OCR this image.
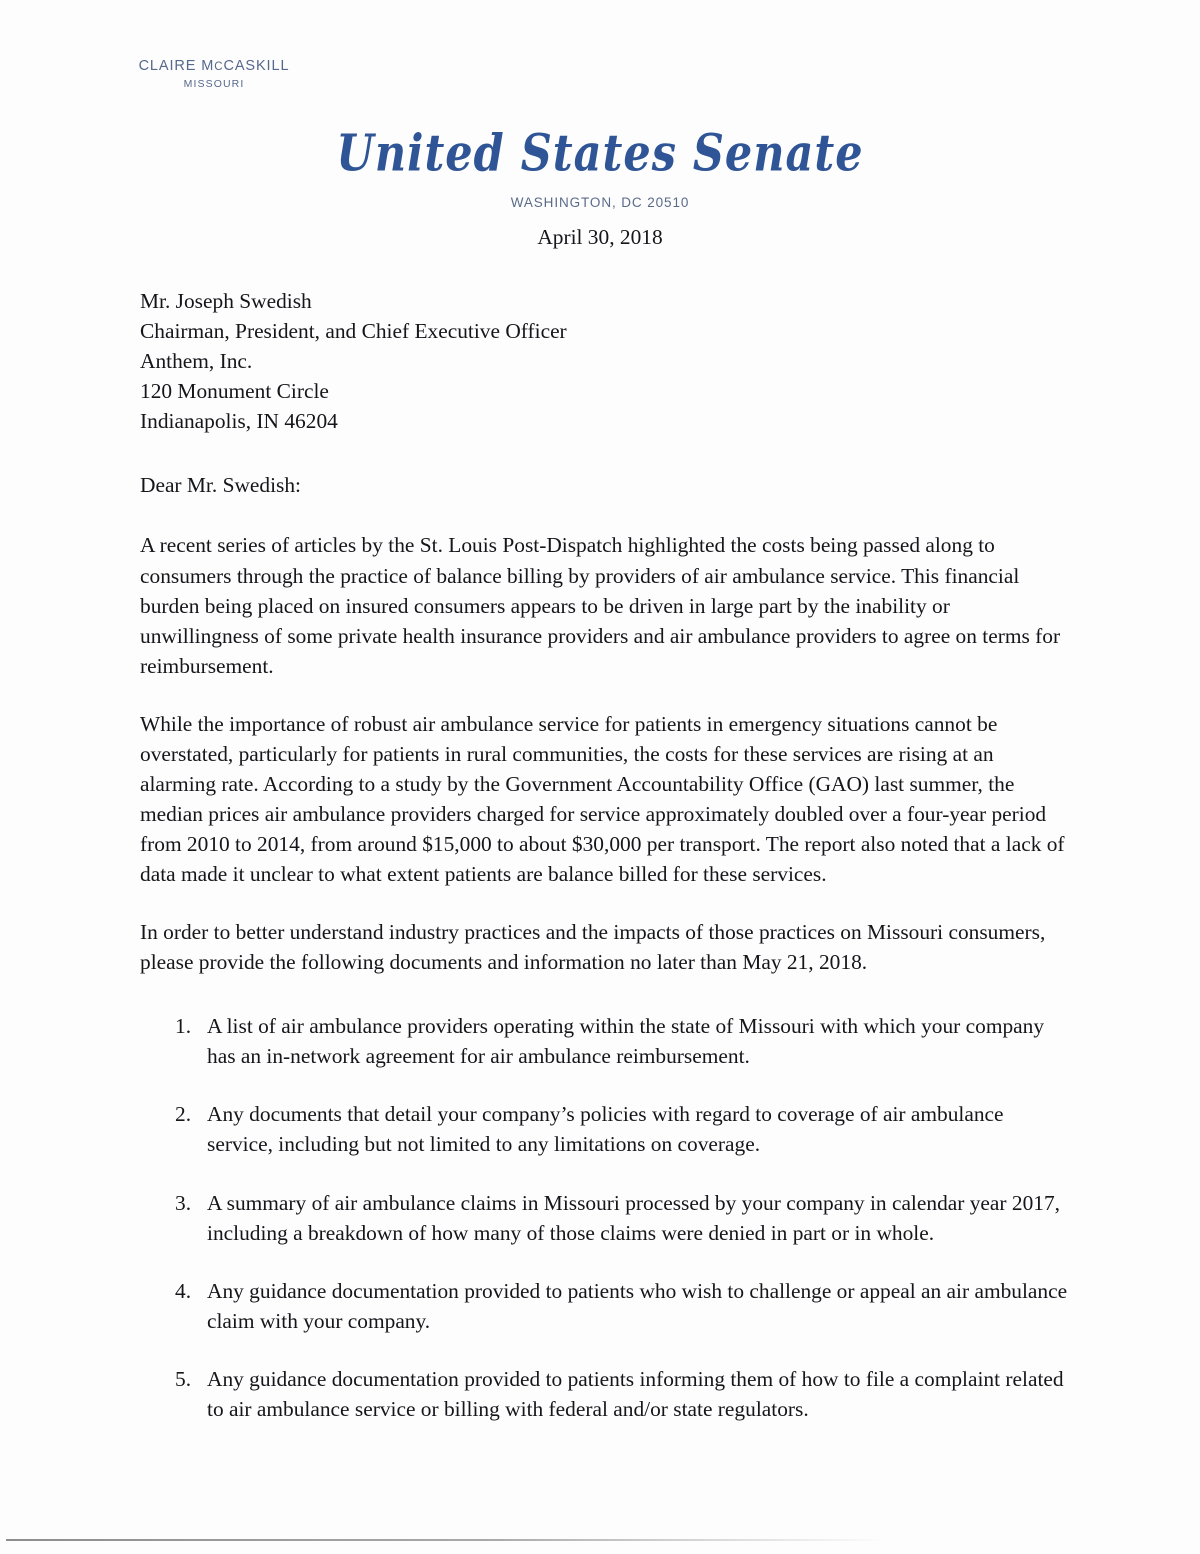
CLAIRE MCCASKILL
MISSOURI
United States Senate
WASHINGTON, DC 20510
April 30, 2018
Mr. Joseph Swedish
Chairman, President, and Chief Executive Officer
Anthem, Inc.
120 Monument Circle
Indianapolis, IN 46204
Dear Mr. Swedish:

A recent series of articles by the St. Louis Post-Dispatch highlighted the costs being passed along to consumers through the practice of balance billing by providers of air ambulance service. This financial burden being placed on insured consumers appears to be driven in large part by the inability or unwillingness of some private health insurance providers and air ambulance providers to agree on terms for reimbursement.

While the importance of robust air ambulance service for patients in emergency situations cannot be overstated, particularly for patients in rural communities, the costs for these services are rising at an alarming rate. According to a study by the Government Accountability Office (GAO) last summer, the median prices air ambulance providers charged for service approximately doubled over a four-year period from 2010 to 2014, from around $15,000 to about $30,000 per transport. The report also noted that a lack of data made it unclear to what extent patients are balance billed for these services.

In order to better understand industry practices and the impacts of those practices on Missouri consumers, please provide the following documents and information no later than May 21, 2018.

1. A list of air ambulance providers operating within the state of Missouri with which your company has an in-network agreement for air ambulance reimbursement.
2. Any documents that detail your company’s policies with regard to coverage of air ambulance service, including but not limited to any limitations on coverage.
3. A summary of air ambulance claims in Missouri processed by your company in calendar year 2017, including a breakdown of how many of those claims were denied in part or in whole.
4. Any guidance documentation provided to patients who wish to challenge or appeal an air ambulance claim with your company.
5. Any guidance documentation provided to patients informing them of how to file a complaint related to air ambulance service or billing with federal and/or state regulators.
